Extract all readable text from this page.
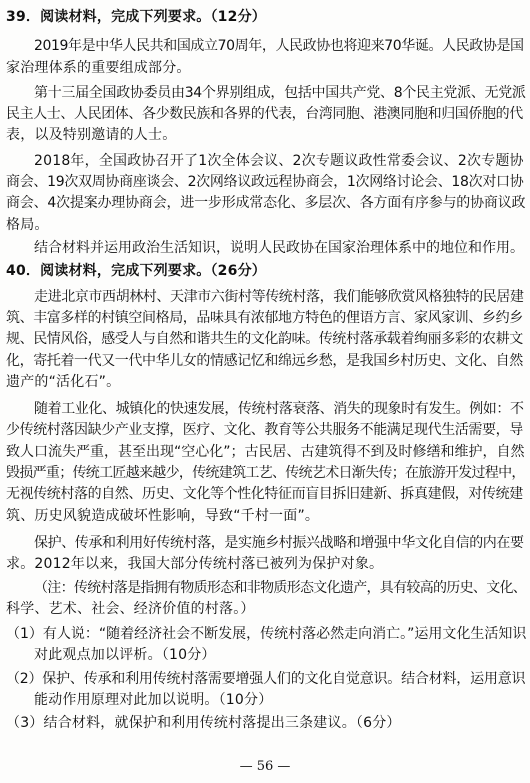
39．阅读材料，完成下列要求。（12分）
2019年是中华人民共和国成立70周年，人民政协也将迎来70华诞。人民政协是国
家治理体系的重要组成部分。
第十三届全国政协委员由34个界别组成，包括中国共产党、8个民主党派、无党派
民主人士、人民团体、各少数民族和各界的代表，台湾同胞、港澳同胞和归国侨胞的代
表，以及特别邀请的人士。
2018年，全国政协召开了1次全体会议、2次专题议政性常委会议、2次专题协
商会、19次双周协商座谈会、2次网络议政远程协商会，1次网络讨论会、18次对口协
商会、4次提案办理协商会，进一步形成常态化、多层次、各方面有序参与的协商议政
格局。
结合材料并运用政治生活知识，说明人民政协在国家治理体系中的地位和作用。
40．阅读材料，完成下列要求。（26分）
走进北京市西胡林村、天津市六街村等传统村落，我们能够欣赏风格独特的民居建
筑、丰富多样的村镇空间格局，品味具有浓郁地方特色的俚语方言、家风家训、乡约乡
规、民情风俗，感受人与自然和谐共生的文化韵味。传统村落承载着绚丽多彩的农耕文
化，寄托着一代又一代中华儿女的情感记忆和绵远乡愁，是我国乡村历史、文化、自然
遗产的“活化石”。
随着工业化、城镇化的快速发展，传统村落衰落、消失的现象时有发生。例如：不
少传统村落因缺少产业支撑，医疗、文化、教育等公共服务不能满足现代生活需要，导
致人口流失严重，甚至出现“空心化”；古民居、古建筑得不到及时修缮和维护，自然
毁损严重；传统工匠越来越少，传统建筑工艺、传统艺术日渐失传；在旅游开发过程中，
无视传统村落的自然、历史、文化等个性化特征而盲目拆旧建新、拆真建假，对传统建
筑、历史风貌造成破坏性影响，导致“千村一面”。
保护、传承和利用好传统村落，是实施乡村振兴战略和增强中华文化自信的内在要
求。2012年以来，我国大部分传统村落已被列为保护对象。
（注：传统村落是指拥有物质形态和非物质形态文化遗产，具有较高的历史、文化、
科学、艺术、社会、经济价值的村落。）
（1）有人说：“随着经济社会不断发展，传统村落必然走向消亡。”运用文化生活知识
对此观点加以评析。（10分）
（2）保护、传承和利用传统村落需要增强人们的文化自觉意识。结合材料，运用意识
能动作用原理对此加以说明。（10分）
（3）结合材料，就保护和利用传统村落提出三条建议。（6分）
— 56 —
